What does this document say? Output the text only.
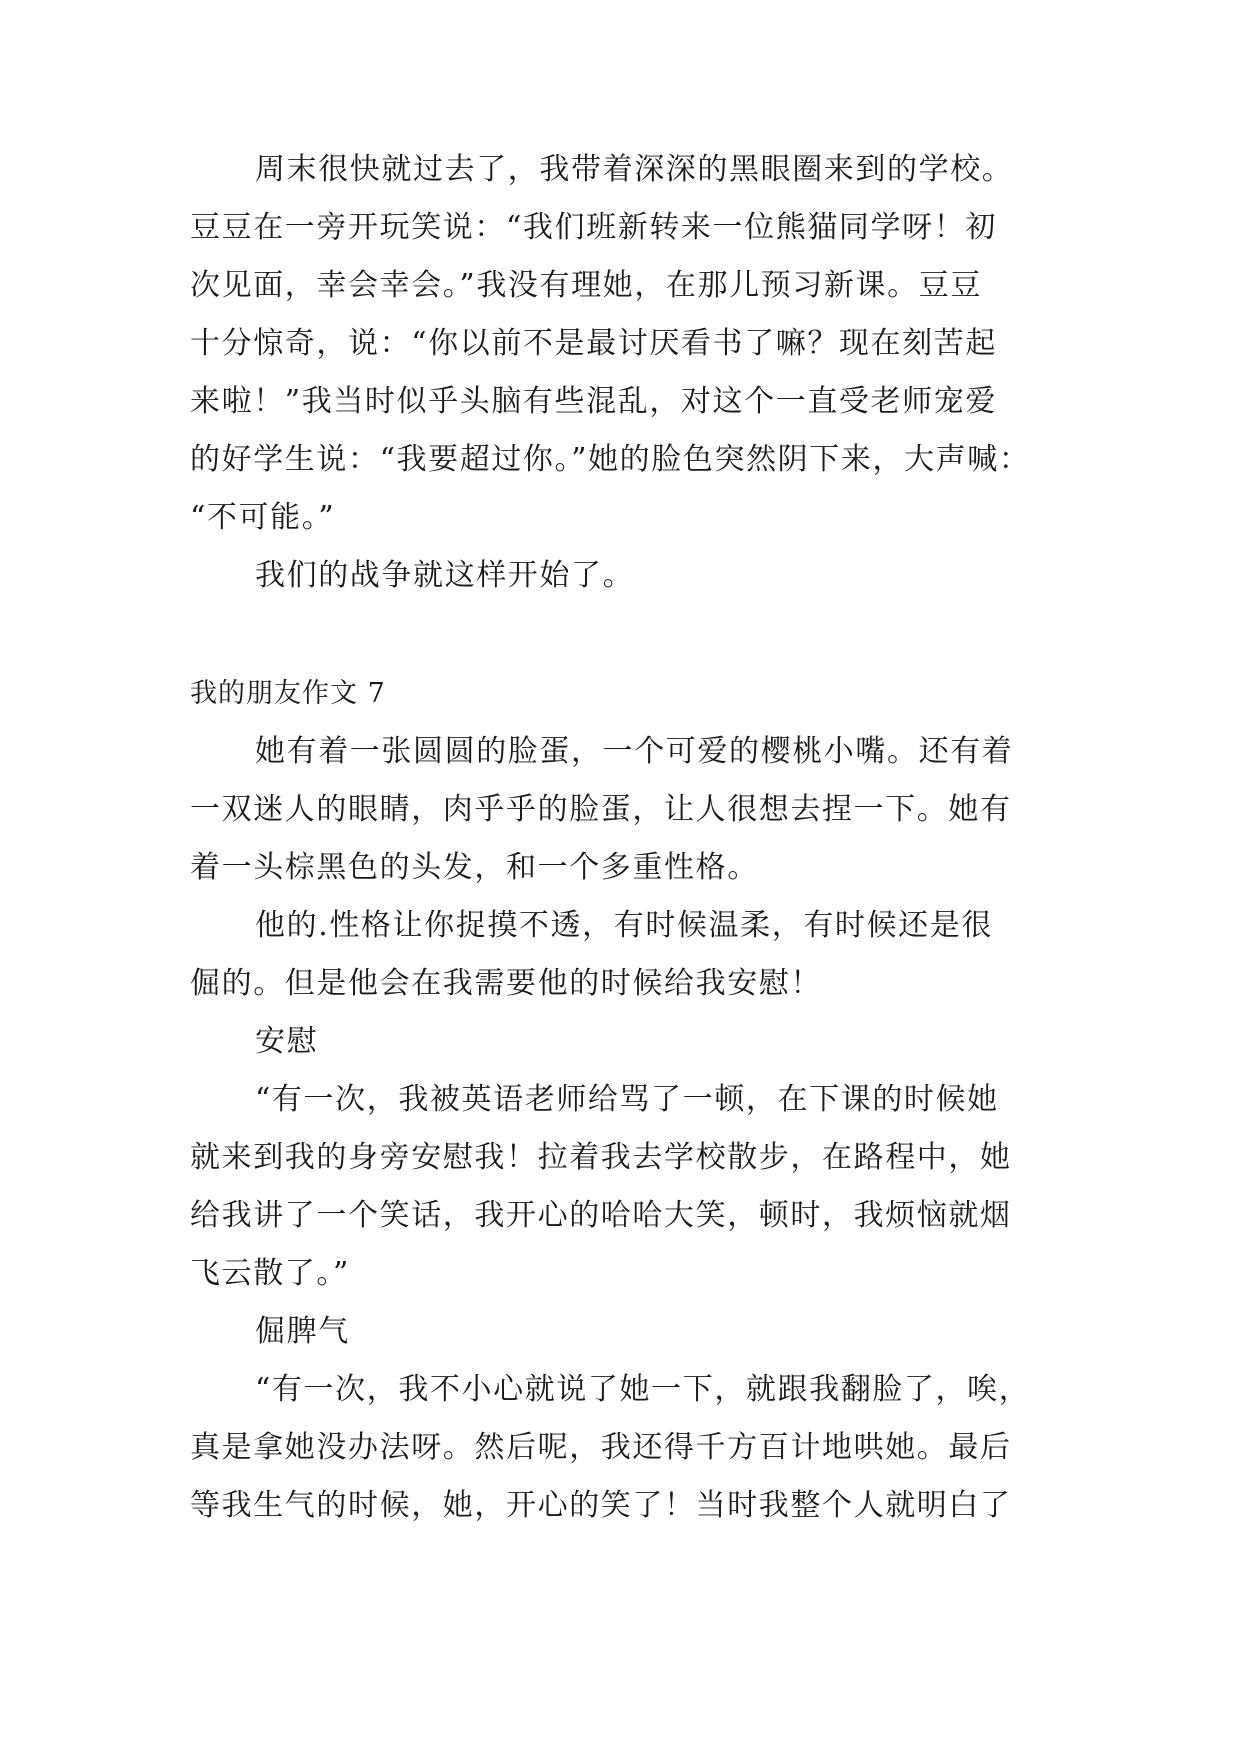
周末很快就过去了，我带着深深的黑眼圈来到的学校。
豆豆在一旁开玩笑说：“我们班新转来一位熊猫同学呀！初
次见面，幸会幸会。”我没有理她，在那儿预习新课。豆豆
十分惊奇，说：“你以前不是最讨厌看书了嘛？现在刻苦起
来啦！”我当时似乎头脑有些混乱，对这个一直受老师宠爱
的好学生说：“我要超过你。”她的脸色突然阴下来，大声喊：
“不可能。”
我们的战争就这样开始了。
我的朋友作文 7
她有着一张圆圆的脸蛋，一个可爱的樱桃小嘴。还有着
一双迷人的眼睛，肉乎乎的脸蛋，让人很想去捏一下。她有
着一头棕黑色的头发，和一个多重性格。
他的.性格让你捉摸不透，有时候温柔，有时候还是很
倔的。但是他会在我需要他的时候给我安慰！
安慰
“有一次，我被英语老师给骂了一顿，在下课的时候她
就来到我的身旁安慰我！拉着我去学校散步，在路程中，她
给我讲了一个笑话，我开心的哈哈大笑，顿时，我烦恼就烟
飞云散了。”
倔脾气
“有一次，我不小心就说了她一下，就跟我翻脸了，唉，
真是拿她没办法呀。然后呢，我还得千方百计地哄她。最后
等我生气的时候，她，开心的笑了！当时我整个人就明白了
